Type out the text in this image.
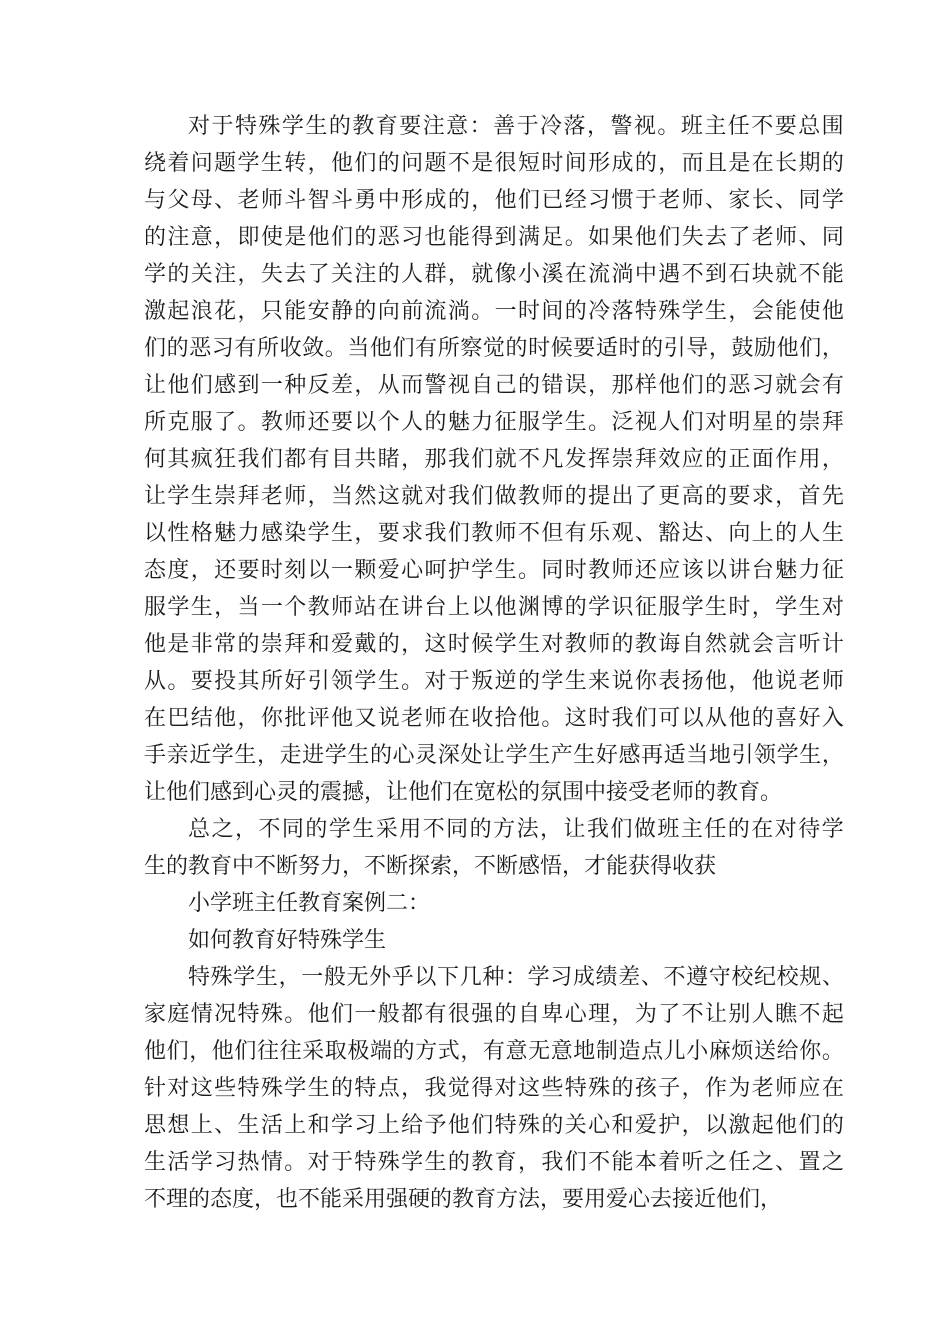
对 于 特 殊 学 生 的 教 育 要 注 意 ： 善 于 冷 落 ， 警 视 。 班 主 任 不 要 总 围
绕 着 问 题 学 生 转 ， 他 们 的 问 题 不 是 很 短 时 间 形 成 的 ， 而 且 是 在 长 期 的
与 父 母 、 老 师 斗 智 斗 勇 中 形 成 的 ， 他 们 已 经 习 惯 于 老 师 、 家 长 、 同 学
的 注 意 ， 即 使 是 他 们 的 恶 习 也 能 得 到 满 足 。 如 果 他 们 失 去 了 老 师 、 同
学 的 关 注 ， 失 去 了 关 注 的 人 群 ， 就 像 小 溪 在 流 淌 中 遇 不 到 石 块 就 不 能
激 起 浪 花 ， 只 能 安 静 的 向 前 流 淌 。 一 时 间 的 冷 落 特 殊 学 生 ， 会 能 使 他
们 的 恶 习 有 所 收 敛 。 当 他 们 有 所 察 觉 的 时 候 要 适 时 的 引 导 ， 鼓 励 他 们 ，
让 他 们 感 到 一 种 反 差 ， 从 而 警 视 自 己 的 错 误 ， 那 样 他 们 的 恶 习 就 会 有
所 克 服 了 。 教 师 还 要 以 个 人 的 魅 力 征 服 学 生 。 泛 视 人 们 对 明 星 的 崇 拜
何 其 疯 狂 我 们 都 有 目 共 睹 ， 那 我 们 就 不 凡 发 挥 崇 拜 效 应 的 正 面 作 用 ，
让 学 生 崇 拜 老 师 ， 当 然 这 就 对 我 们 做 教 师 的 提 出 了 更 高 的 要 求 ， 首 先
以 性 格 魅 力 感 染 学 生 ， 要 求 我 们 教 师 不 但 有 乐 观 、 豁 达 、 向 上 的 人 生
态 度 ， 还 要 时 刻 以 一 颗 爱 心 呵 护 学 生 。 同 时 教 师 还 应 该 以 讲 台 魅 力 征
服 学 生 ， 当 一 个 教 师 站 在 讲 台 上 以 他 渊 博 的 学 识 征 服 学 生 时 ， 学 生 对
他 是 非 常 的 崇 拜 和 爱 戴 的 ， 这 时 候 学 生 对 教 师 的 教 诲 自 然 就 会 言 听 计
从 。 要 投 其 所 好 引 领 学 生 。 对 于 叛 逆 的 学 生 来 说 你 表 扬 他 ， 他 说 老 师
在 巴 结 他 ， 你 批 评 他 又 说 老 师 在 收 拾 他 。 这 时 我 们 可 以 从 他 的 喜 好 入
手 亲 近 学 生 ， 走 进 学 生 的 心 灵 深 处 让 学 生 产 生 好 感 再 适 当 地 引 领 学 生 ，
让他们感到心灵的震撼，让他们在宽松的氛围中接受老师的教育。
总 之 ， 不 同 的 学 生 采 用 不 同 的 方 法 ， 让 我 们 做 班 主 任 的 在 对 待 学
生的教育中不断努力，不断探索，不断感悟，才能获得收获
小学班主任教育案例二：
如何教育好特殊学生
特 殊 学 生 ， 一 般 无 外 乎 以 下 几 种 ： 学 习 成 绩 差 、 不 遵 守 校 纪 校 规 、
家 庭 情 况 特 殊 。 他 们 一 般 都 有 很 强 的 自 卑 心 理 ， 为 了 不 让 别 人 瞧 不 起
他 们 ， 他 们 往 往 采 取 极 端 的 方 式 ， 有 意 无 意 地 制 造 点 儿 小 麻 烦 送 给 你 。
针 对 这 些 特 殊 学 生 的 特 点 ， 我 觉 得 对 这 些 特 殊 的 孩 子 ， 作 为 老 师 应 在
思 想 上 、 生 活 上 和 学 习 上 给 予 他 们 特 殊 的 关 心 和 爱 护 ， 以 激 起 他 们 的
生 活 学 习 热 情 。 对 于 特 殊 学 生 的 教 育 ， 我 们 不 能 本 着 听 之 任 之 、 置 之
不理的态度，也不能采用强硬的教育方法，要用爱心去接近他们，
